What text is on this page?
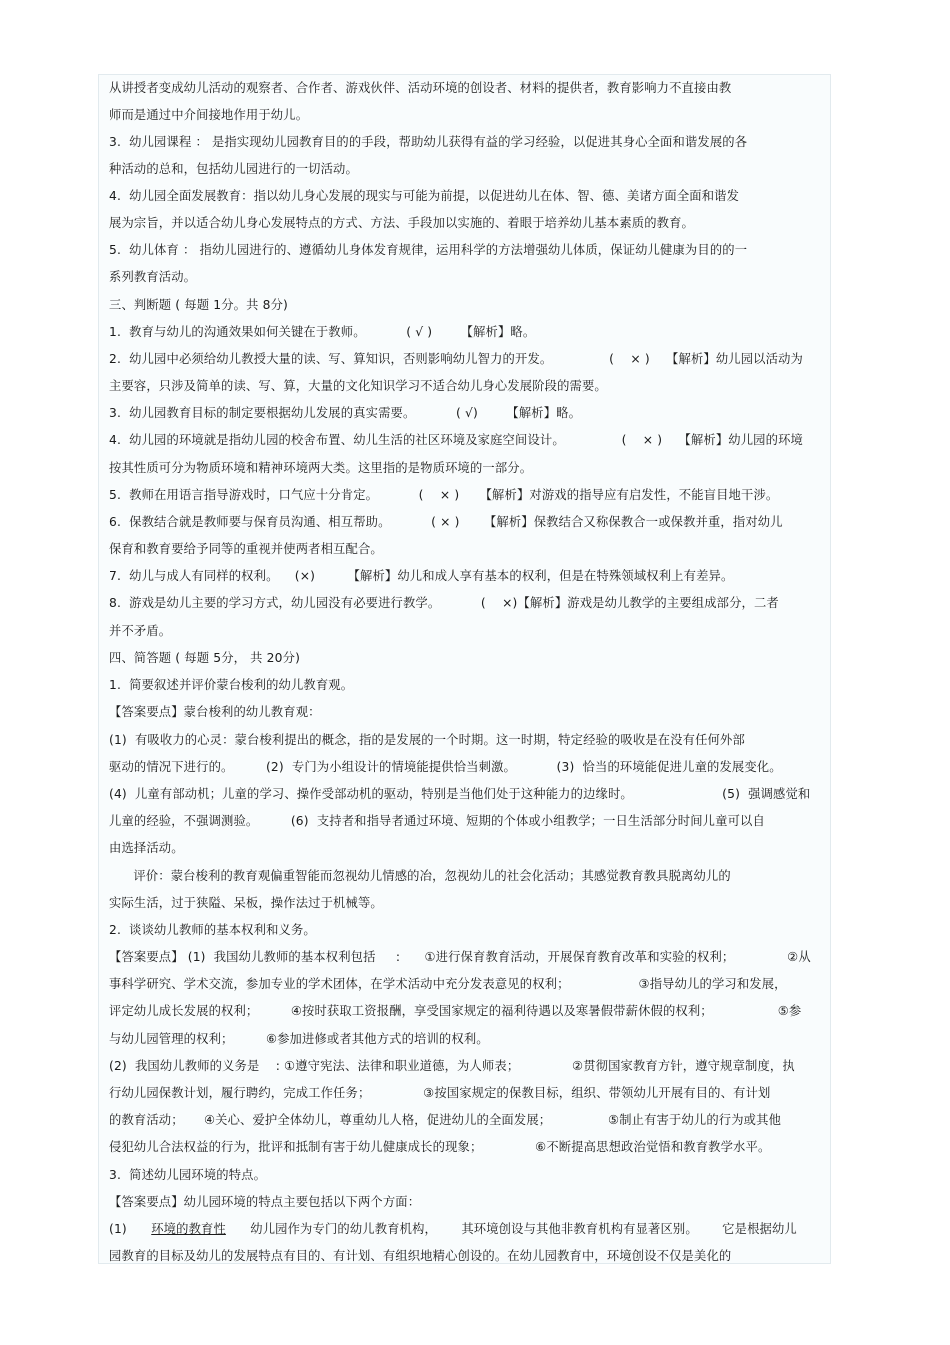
从讲授者变成幼儿活动的观察者、合作者、游戏伙伴、活动环境的创设者、材料的提供者，教育影响力不直接由教
师而是通过中介间接地作用于幼儿。
3.  幼儿园课程 ： 是指实现幼儿园教育目的的手段，帮助幼儿获得有益的学习经验，以促进其身心全面和谐发展的各
种活动的总和，包括幼儿园进行的一切活动。
4.  幼儿园全面发展教育：指以幼儿身心发展的现实与可能为前提，以促进幼儿在体、智、德、美诸方面全面和谐发
展为宗旨，并以适合幼儿身心发展特点的方式、方法、手段加以实施的、着眼于培养幼儿基本素质的教育。
5.  幼儿体育 ： 指幼儿园进行的、遵循幼儿身体发育规律，运用科学的方法增强幼儿体质，保证幼儿健康为目的的一
系列教育活动。
三、判断题 ( 每题 1分。共 8分)
1.  教育与幼儿的沟通效果如何关键在于教师。          ( √ )       【解析】略。
2.  幼儿园中必须给幼儿教授大量的读、写、算知识，否则影响幼儿智力的开发。              (    × )    【解析】幼儿园以活动为
主要容，只涉及简单的读、写、算，大量的文化知识学习不适合幼儿身心发展阶段的需要。
3.  幼儿园教育目标的制定要根据幼儿发展的真实需要。          ( √)       【解析】略。
4.  幼儿园的环境就是指幼儿园的校舍布置、幼儿生活的社区环境及家庭空间设计。              (    × )    【解析】幼儿园的环境
按其性质可分为物质环境和精神环境两大类。这里指的是物质环境的一部分。
5.  教师在用语言指导游戏时，口气应十分肯定。          (    × )     【解析】对游戏的指导应有启发性，不能盲目地干涉。
6.  保教结合就是教师要与保育员沟通、相互帮助。          ( × )      【解析】保教结合又称保教合一或保教并重，指对幼儿
保育和教育要给予同等的重视并使两者相互配合。
7.  幼儿与成人有同样的权利。    (×)        【解析】幼儿和成人享有基本的权利，但是在特殊领域权利上有差异。
8.  游戏是幼儿主要的学习方式，幼儿园没有必要进行教学。          (    ×)【解析】游戏是幼儿教学的主要组成部分，二者
并不矛盾。
四、简答题 ( 每题 5分， 共 20分)
1.  简要叙述并评价蒙台梭利的幼儿教育观。
【答案要点】蒙台梭利的幼儿教育观：
(1)  有吸收力的心灵：蒙台梭利提出的概念，指的是发展的一个时期。这一时期，特定经验的吸收是在没有任何外部
驱动的情况下进行的。        (2)  专门为小组设计的情境能提供恰当刺激。          (3)  恰当的环境能促进儿童的发展变化。
(4)  儿童有部动机；儿童的学习、操作受部动机的驱动，特别是当他们处于这种能力的边缘时。                      (5)  强调感觉和
儿童的经验，不强调测验。        (6)  支持者和指导者通过环境、短期的个体或小组教学；一日生活部分时间儿童可以自
由选择活动。
评价：蒙台梭利的教育观偏重智能而忽视幼儿情感的冶，忽视幼儿的社会化活动；其感觉教育教具脱离幼儿的
实际生活，过于狭隘、呆板，操作法过于机械等。
2.  谈谈幼儿教师的基本权利和义务。
【答案要点】 (1)  我国幼儿教师的基本权利包括     :      ①进行保育教育活动，开展保育教育改革和实验的权利；             ②从
事科学研究、学术交流，参加专业的学术团体，在学术活动中充分发表意见的权利；                 ③指导幼儿的学习和发展，
评定幼儿成长发展的权利；        ④按时获取工资报酬，享受国家规定的福利待遇以及寒暑假带薪休假的权利；                ⑤参
与幼儿园管理的权利；        ⑥参加进修或者其他方式的培训的权利。
(2)  我国幼儿教师的义务是    : ①遵守宪法、法律和职业道德，为人师表；             ②贯彻国家教育方针，遵守规章制度，执
行幼儿园保教计划，履行聘约，完成工作任务；             ③按国家规定的保教目标，组织、带领幼儿开展有目的、有计划
的教育活动；     ④关心、爱护全体幼儿，尊重幼儿人格，促进幼儿的全面发展；              ⑤制止有害于幼儿的行为或其他
侵犯幼儿合法权益的行为，批评和抵制有害于幼儿健康成长的现象；             ⑥不断提高思想政治觉悟和教育教学水平。
3.  简述幼儿园环境的特点。
【答案要点】幼儿园环境的特点主要包括以下两个方面：
(1)      环境的教育性      幼儿园作为专门的幼儿教育机构，      其环境创设与其他非教育机构有显著区别。      它是根据幼儿
园教育的目标及幼儿的发展特点有目的、有计划、有组织地精心创设的。在幼儿园教育中，环境创设不仅是美化的
